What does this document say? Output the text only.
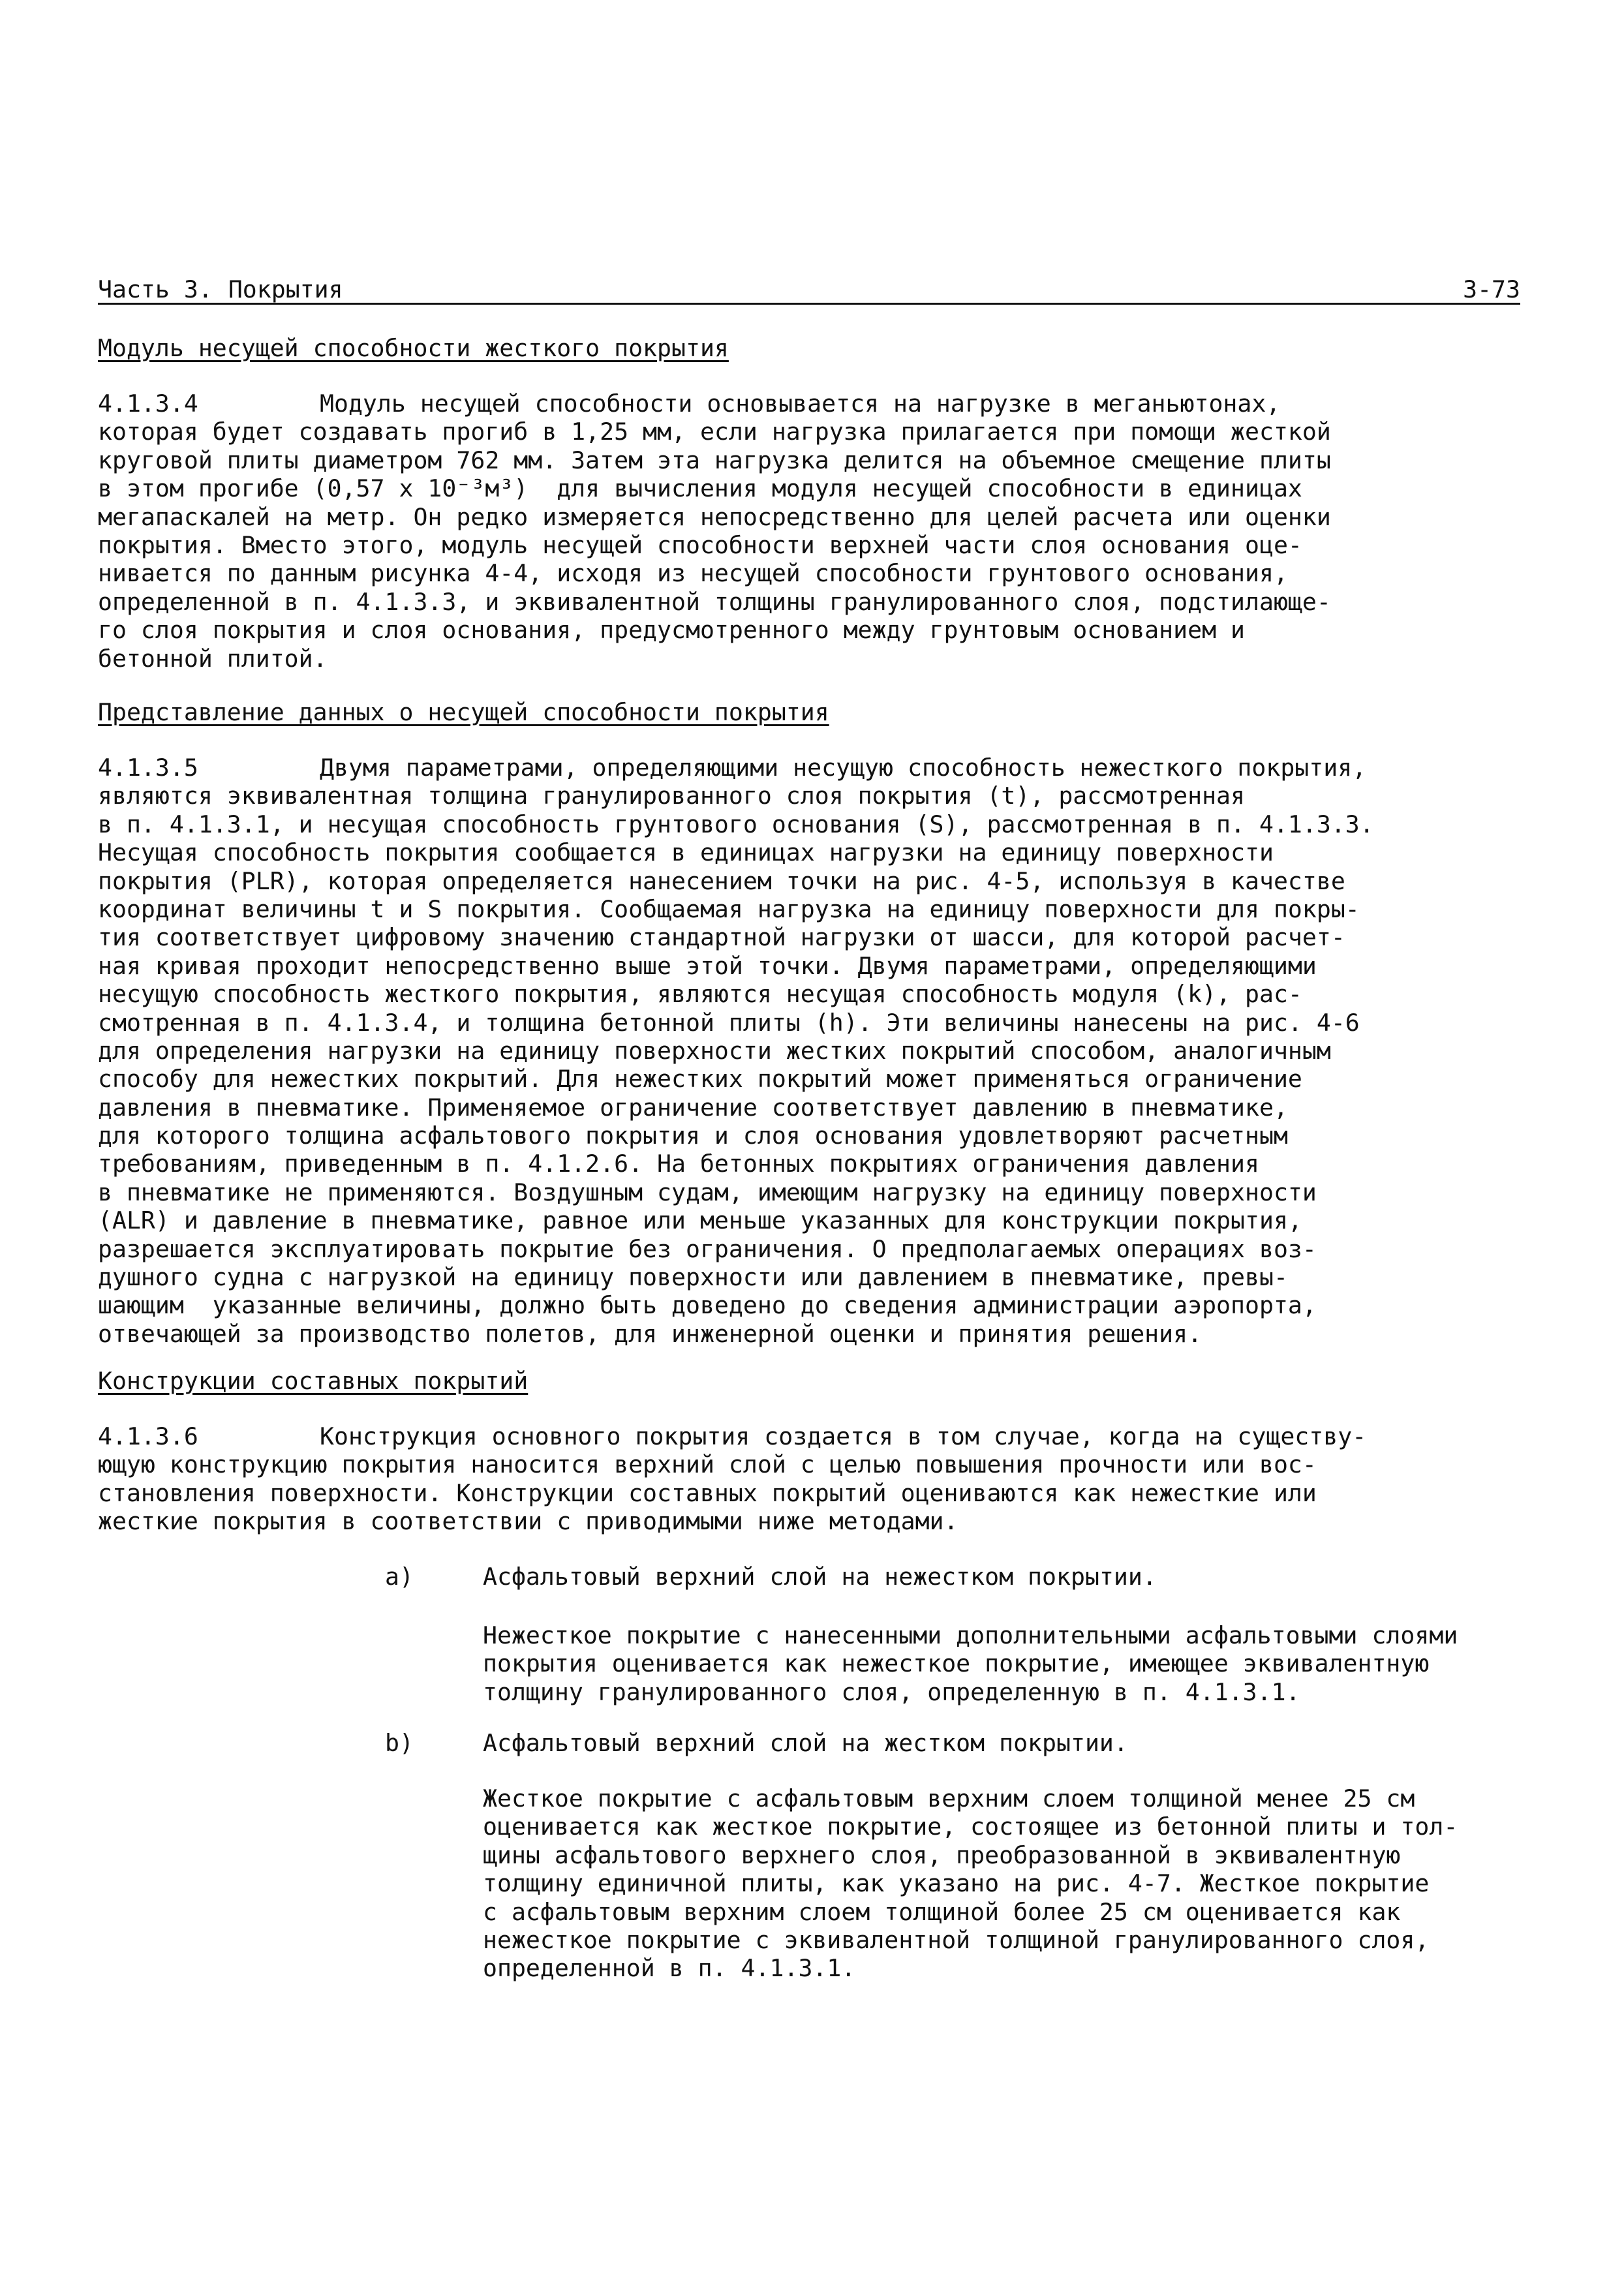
Часть 3. Покрытия	3-73
Модуль несущей способности жесткого покрытия
4.1.3.4	Модуль несущей способности основывается на нагрузке в меганьютонах,
которая будет создавать прогиб в 1,25 мм, если нагрузка прилагается при помощи жесткой
круговой плиты диаметром 762 мм. Затем эта нагрузка делится на объемное смещение плиты
в этом прогибе (0,57 х 10⁻³м³)  для вычисления модуля несущей способности в единицах
мегапаскалей на метр. Он редко измеряется непосредственно для целей расчета или оценки
покрытия. Вместо этого, модуль несущей способности верхней части слоя основания оце-
нивается по данным рисунка 4-4, исходя из несущей способности грунтового основания,
определенной в п. 4.1.3.3, и эквивалентной толщины гранулированного слоя, подстилающе-
го слоя покрытия и слоя основания, предусмотренного между грунтовым основанием и
бетонной плитой.
Представление данных о несущей способности покрытия
4.1.3.5	Двумя параметрами, определяющими несущую способность нежесткого покрытия,
являются эквивалентная толщина гранулированного слоя покрытия (t), рассмотренная
в п. 4.1.3.1, и несущая способность грунтового основания (S), рассмотренная в п. 4.1.3.3.
Несущая способность покрытия сообщается в единицах нагрузки на единицу поверхности
покрытия (PLR), которая определяется нанесением точки на рис. 4-5, используя в качестве
координат величины t и S покрытия. Сообщаемая нагрузка на единицу поверхности для покры-
тия соответствует цифровому значению стандартной нагрузки от шасси, для которой расчет-
ная кривая проходит непосредственно выше этой точки. Двумя параметрами, определяющими
несущую способность жесткого покрытия, являются несущая способность модуля (k), рас-
смотренная в п. 4.1.3.4, и толщина бетонной плиты (h). Эти величины нанесены на рис. 4-6
для определения нагрузки на единицу поверхности жестких покрытий способом, аналогичным
способу для нежестких покрытий. Для нежестких покрытий может применяться ограничение
давления в пневматике. Применяемое ограничение соответствует давлению в пневматике,
для которого толщина асфальтового покрытия и слоя основания удовлетворяют расчетным
требованиям, приведенным в п. 4.1.2.6. На бетонных покрытиях ограничения давления
в пневматике не применяются. Воздушным судам, имеющим нагрузку на единицу поверхности
(ALR) и давление в пневматике, равное или меньше указанных для конструкции покрытия,
разрешается эксплуатировать покрытие без ограничения. О предполагаемых операциях воз-
душного судна с нагрузкой на единицу поверхности или давлением в пневматике, превы-
шающим  указанные величины, должно быть доведено до сведения администрации аэропорта,
отвечающей за производство полетов, для инженерной оценки и принятия решения.
Конструкции составных покрытий
4.1.3.6	Конструкция основного покрытия создается в том случае, когда на существу-
ющую конструкцию покрытия наносится верхний слой с целью повышения прочности или вос-
становления поверхности. Конструкции составных покрытий оцениваются как нежесткие или
жесткие покрытия в соответствии с приводимыми ниже методами.
a)	Асфальтовый верхний слой на нежестком покрытии.
Нежесткое покрытие с нанесенными дополнительными асфальтовыми слоями
покрытия оценивается как нежесткое покрытие, имеющее эквивалентную
толщину гранулированного слоя, определенную в п. 4.1.3.1.
b)	Асфальтовый верхний слой на жестком покрытии.
Жесткое покрытие с асфальтовым верхним слоем толщиной менее 25 см
оценивается как жесткое покрытие, состоящее из бетонной плиты и тол-
щины асфальтового верхнего слоя, преобразованной в эквивалентную
толщину единичной плиты, как указано на рис. 4-7. Жесткое покрытие
с асфальтовым верхним слоем толщиной более 25 см оценивается как
нежесткое покрытие с эквивалентной толщиной гранулированного слоя,
определенной в п. 4.1.3.1.
